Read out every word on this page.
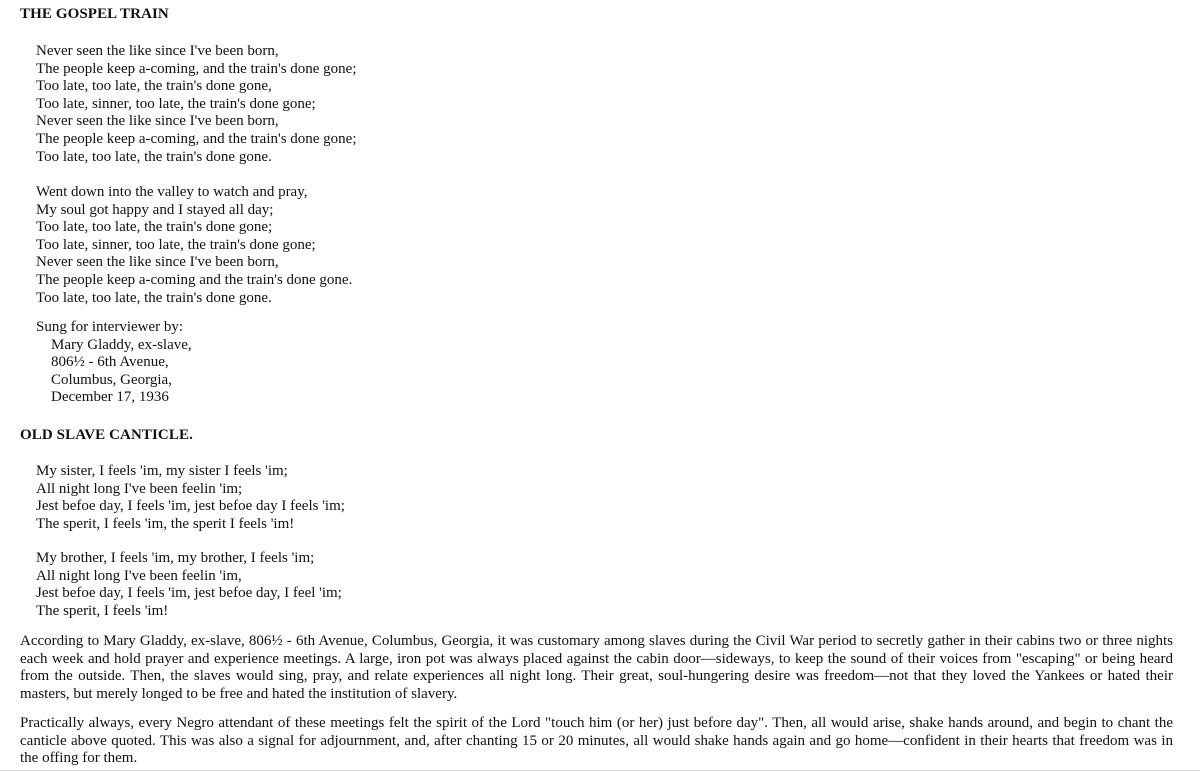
THE GOSPEL TRAIN
Never seen the like since I've been born,
The people keep a-coming, and the train's done gone;
Too late, too late, the train's done gone,
Too late, sinner, too late, the train's done gone;
Never seen the like since I've been born,
The people keep a-coming, and the train's done gone;
Too late, too late, the train's done gone.
Went down into the valley to watch and pray,
My soul got happy and I stayed all day;
Too late, too late, the train's done gone;
Too late, sinner, too late, the train's done gone;
Never seen the like since I've been born,
The people keep a-coming and the train's done gone.
Too late, too late, the train's done gone.
Sung for interviewer by:
Mary Gladdy, ex-slave,
806½ - 6th Avenue,
Columbus, Georgia,
December 17, 1936
OLD SLAVE CANTICLE.
My sister, I feels 'im, my sister I feels 'im;
All night long I've been feelin 'im;
Jest befoe day, I feels 'im, jest befoe day I feels 'im;
The sperit, I feels 'im, the sperit I feels 'im!
My brother, I feels 'im, my brother, I feels 'im;
All night long I've been feelin 'im,
Jest befoe day, I feels 'im, jest befoe day, I feel 'im;
The sperit, I feels 'im!

According to Mary Gladdy, ex-slave, 806½ - 6th Avenue, Columbus, Georgia, it was customary among slaves during the Civil War period to secretly gather in their cabins two or three nights each week and hold prayer and experience meetings. A large, iron pot was always placed against the cabin door—sideways, to keep the sound of their voices from "escaping" or being heard from the outside. Then, the slaves would sing, pray, and relate experiences all night long. Their great, soul-hungering desire was freedom—not that they loved the Yankees or hated their masters, but merely longed to be free and hated the institution of slavery.

Practically always, every Negro attendant of these meetings felt the spirit of the Lord "touch him (or her) just before day". Then, all would arise, shake hands around, and begin to chant the canticle above quoted. This was also a signal for adjournment, and, after chanting 15 or 20 minutes, all would shake hands again and go home—confident in their hearts that freedom was in the offing for them.
